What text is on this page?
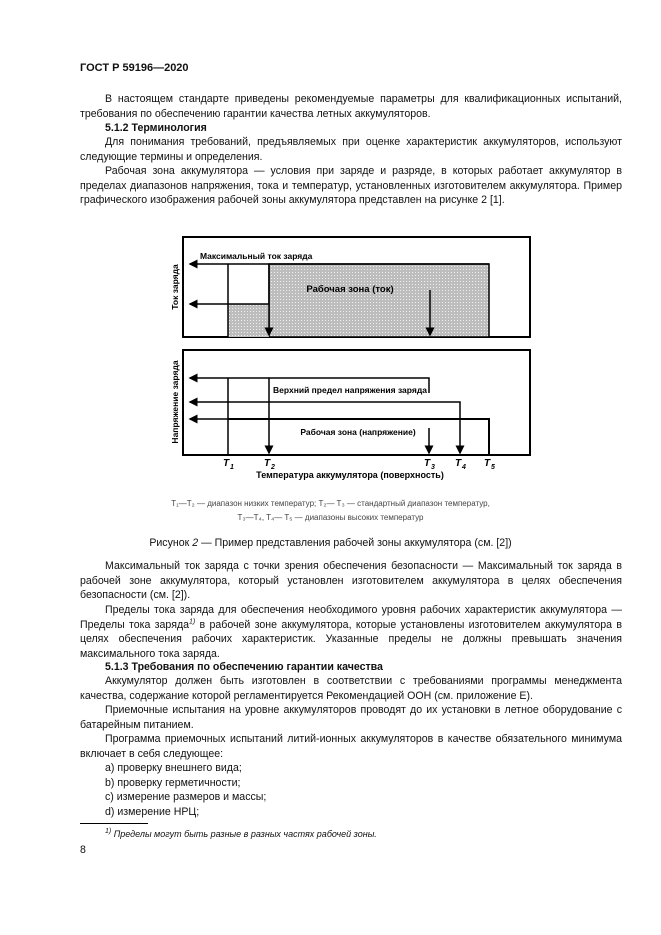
ГОСТ Р 59196—2020
В настоящем стандарте приведены рекомендуемые параметры для квалификационных испытаний, требования по обеспечению гарантии качества летных аккумуляторов.
5.1.2 Терминология
Для понимания требований, предъявляемых при оценке характеристик аккумуляторов, используют следующие термины и определения.
Рабочая зона аккумулятора — условия при заряде и разряде, в которых работает аккумулятор в пределах диапазонов напряжения, тока и температур, установленных изготовителем аккумулятора. Пример графического изображения рабочей зоны аккумулятора представлен на рисунке 2 [1].
Максимальный ток заряда
Рабочая зона (ток)
Ток заряда
Верхний предел напряжения заряда
Рабочая зона (напряжение)
Напряжение заряда
T 1	T 2	T 3 T 4 T 5
Температура аккумулятора (поверхность)
T₁—T₂ — диапазон низких температур; T₂— T₃ — стандартный диапазон температур,
T₃—T₄, T₄— T₅ — диапазоны высоких температур
Рисунок 2 — Пример представления рабочей зоны аккумулятора (см. [2])
Максимальный ток заряда с точки зрения обеспечения безопасности — Максимальный ток заряда в рабочей зоне аккумулятора, который установлен изготовителем аккумулятора в целях обеспечения безопасности (см. [2]).
Пределы тока заряда для обеспечения необходимого уровня рабочих характеристик аккумулятора — Пределы тока заряда$^{1)}$ в рабочей зоне аккумулятора, которые установлены изготовителем аккумулятора в целях обеспечения рабочих характеристик. Указанные пределы не должны превышать значения максимального тока заряда.
5.1.3 Требования по обеспечению гарантии качества
Аккумулятор должен быть изготовлен в соответствии с требованиями программы менеджмента качества, содержание которой регламентируется Рекомендацией ООН (см. приложение Е).
Приемочные испытания на уровне аккумуляторов проводят до их установки в летное оборудование с батарейным питанием.
Программа приемочных испытаний литий-ионных аккумуляторов в качестве обязательного минимума включает в себя следующее:
a) проверку внешнего вида;
b) проверку герметичности;
c) измерение размеров и массы;
d) измерение НРЦ;
$^{1)}$ Пределы могут быть разные в разных частях рабочей зоны.
8
